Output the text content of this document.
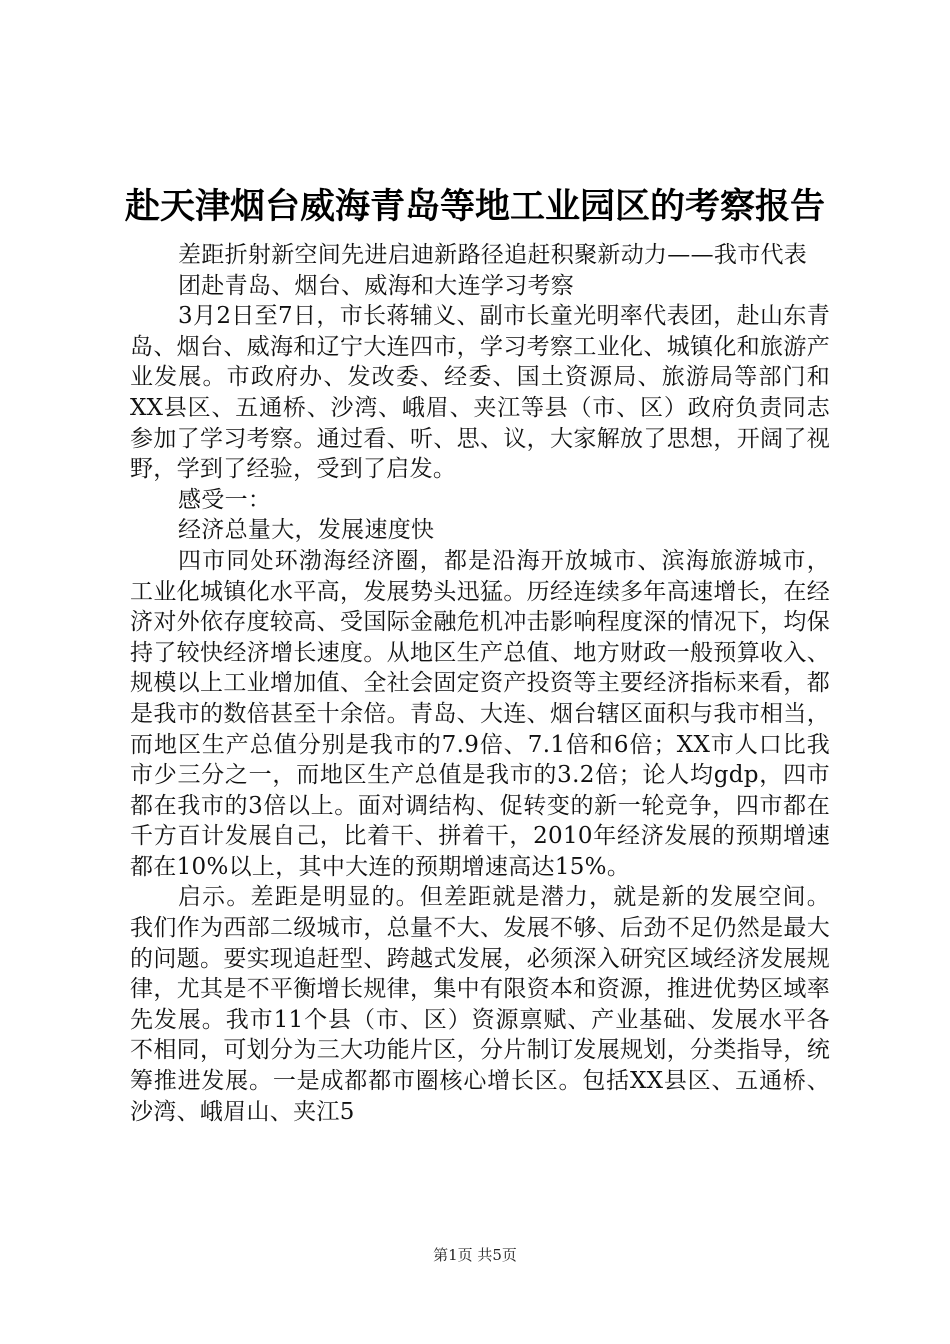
赴天津烟台威海青岛等地工业园区的考察报告

差距折射新空间先进启迪新路径追赶积聚新动力——我市代表

团赴青岛、烟台、威海和大连学习考察

3月2日至7日，市长蒋辅义、副市长童光明率代表团，赴山东青岛、烟台、威海和辽宁大连四市，学习考察工业化、城镇化和旅游产业发展。市政府办、发改委、经委、国土资源局、旅游局等部门和XX县区、五通桥、沙湾、峨眉、夹江等县（市、区）政府负责同志参加了学习考察。通过看、听、思、议，大家解放了思想，开阔了视野，学到了经验，受到了启发。

感受一：

经济总量大，发展速度快

四市同处环渤海经济圈，都是沿海开放城市、滨海旅游城市，工业化城镇化水平高，发展势头迅猛。历经连续多年高速增长，在经济对外依存度较高、受国际金融危机冲击影响程度深的情况下，均保持了较快经济增长速度。从地区生产总值、地方财政一般预算收入、规模以上工业增加值、全社会固定资产投资等主要经济指标来看，都是我市的数倍甚至十余倍。青岛、大连、烟台辖区面积与我市相当，而地区生产总值分别是我市的7.9倍、7.1倍和6倍；XX市人口比我市少三分之一，而地区生产总值是我市的3.2倍；论人均gdp，四市都在我市的3倍以上。面对调结构、促转变的新一轮竞争，四市都在千方百计发展自己，比着干、拼着干，2010年经济发展的预期增速都在10%以上，其中大连的预期增速高达15%。

启示。差距是明显的。但差距就是潜力，就是新的发展空间。我们作为西部二级城市，总量不大、发展不够、后劲不足仍然是最大的问题。要实现追赶型、跨越式发展，必须深入研究区域经济发展规律，尤其是不平衡增长规律，集中有限资本和资源，推进优势区域率先发展。我市11个县（市、区）资源禀赋、产业基础、发展水平各不相同，可划分为三大功能片区，分片制订发展规划，分类指导，统筹推进发展。一是成都都市圈核心增长区。包括XX县区、五通桥、沙湾、峨眉山、夹江5

第1页 共5页
